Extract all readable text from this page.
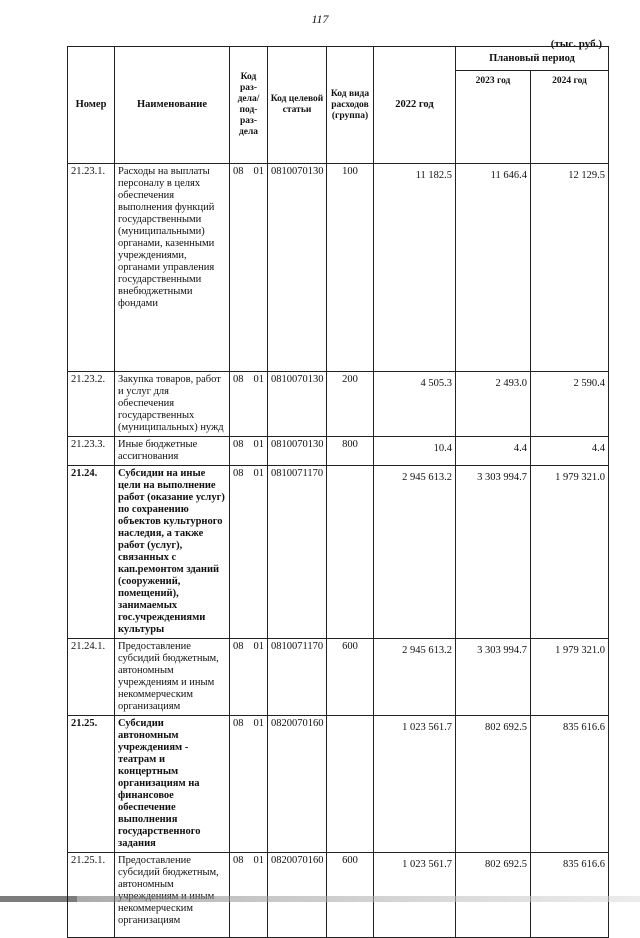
117
(тыс. руб.)
Номер	Наименование	Код раз- дела/ под- раз- дела	Код целевой статьи	Код вида расходов (группа)	2022 год	Плановый период	
						2023 год	2024 год
21.23.1.	Расходы на выплаты персоналу в целях обеспечения выполнения функций государственными (муниципальными) органами, казенными учреждениями, органами управления государственными внебюджетными фондами	08 01	0810070130	100	11 182.5	11 646.4	12 129.5
21.23.2.	Закупка товаров, работ и услуг для обеспечения государственных (муниципальных) нужд	08 01	0810070130	200	4 505.3	2 493.0	2 590.4
21.23.3.	Иные бюджетные ассигнования	08 01	0810070130	800	10.4	4.4	4.4
21.24.	Субсидии на иные цели на выполнение работ (оказание услуг) по сохранению объектов культурного наследия, а также работ (услуг), связанных с кап.ремонтом зданий (сооружений, помещений), занимаемых гос.учреждениями культуры	08 01	0810071170		2 945 613.2	3 303 994.7	1 979 321.0
21.24.1.	Предоставление субсидий бюджетным, автономным учреждениям и иным некоммерческим организациям	08 01	0810071170	600	2 945 613.2	3 303 994.7	1 979 321.0
21.25.	Субсидии автономным учреждениям - театрам и концертным организациям на финансовое обеспечение выполнения государственного задания	08 01	0820070160		1 023 561.7	802 692.5	835 616.6
21.25.1.	Предоставление субсидий бюджетным, автономным некоммерческим организациям	08 01	0820070160	600	1 023 561.7	802 692.5	835 616.6
